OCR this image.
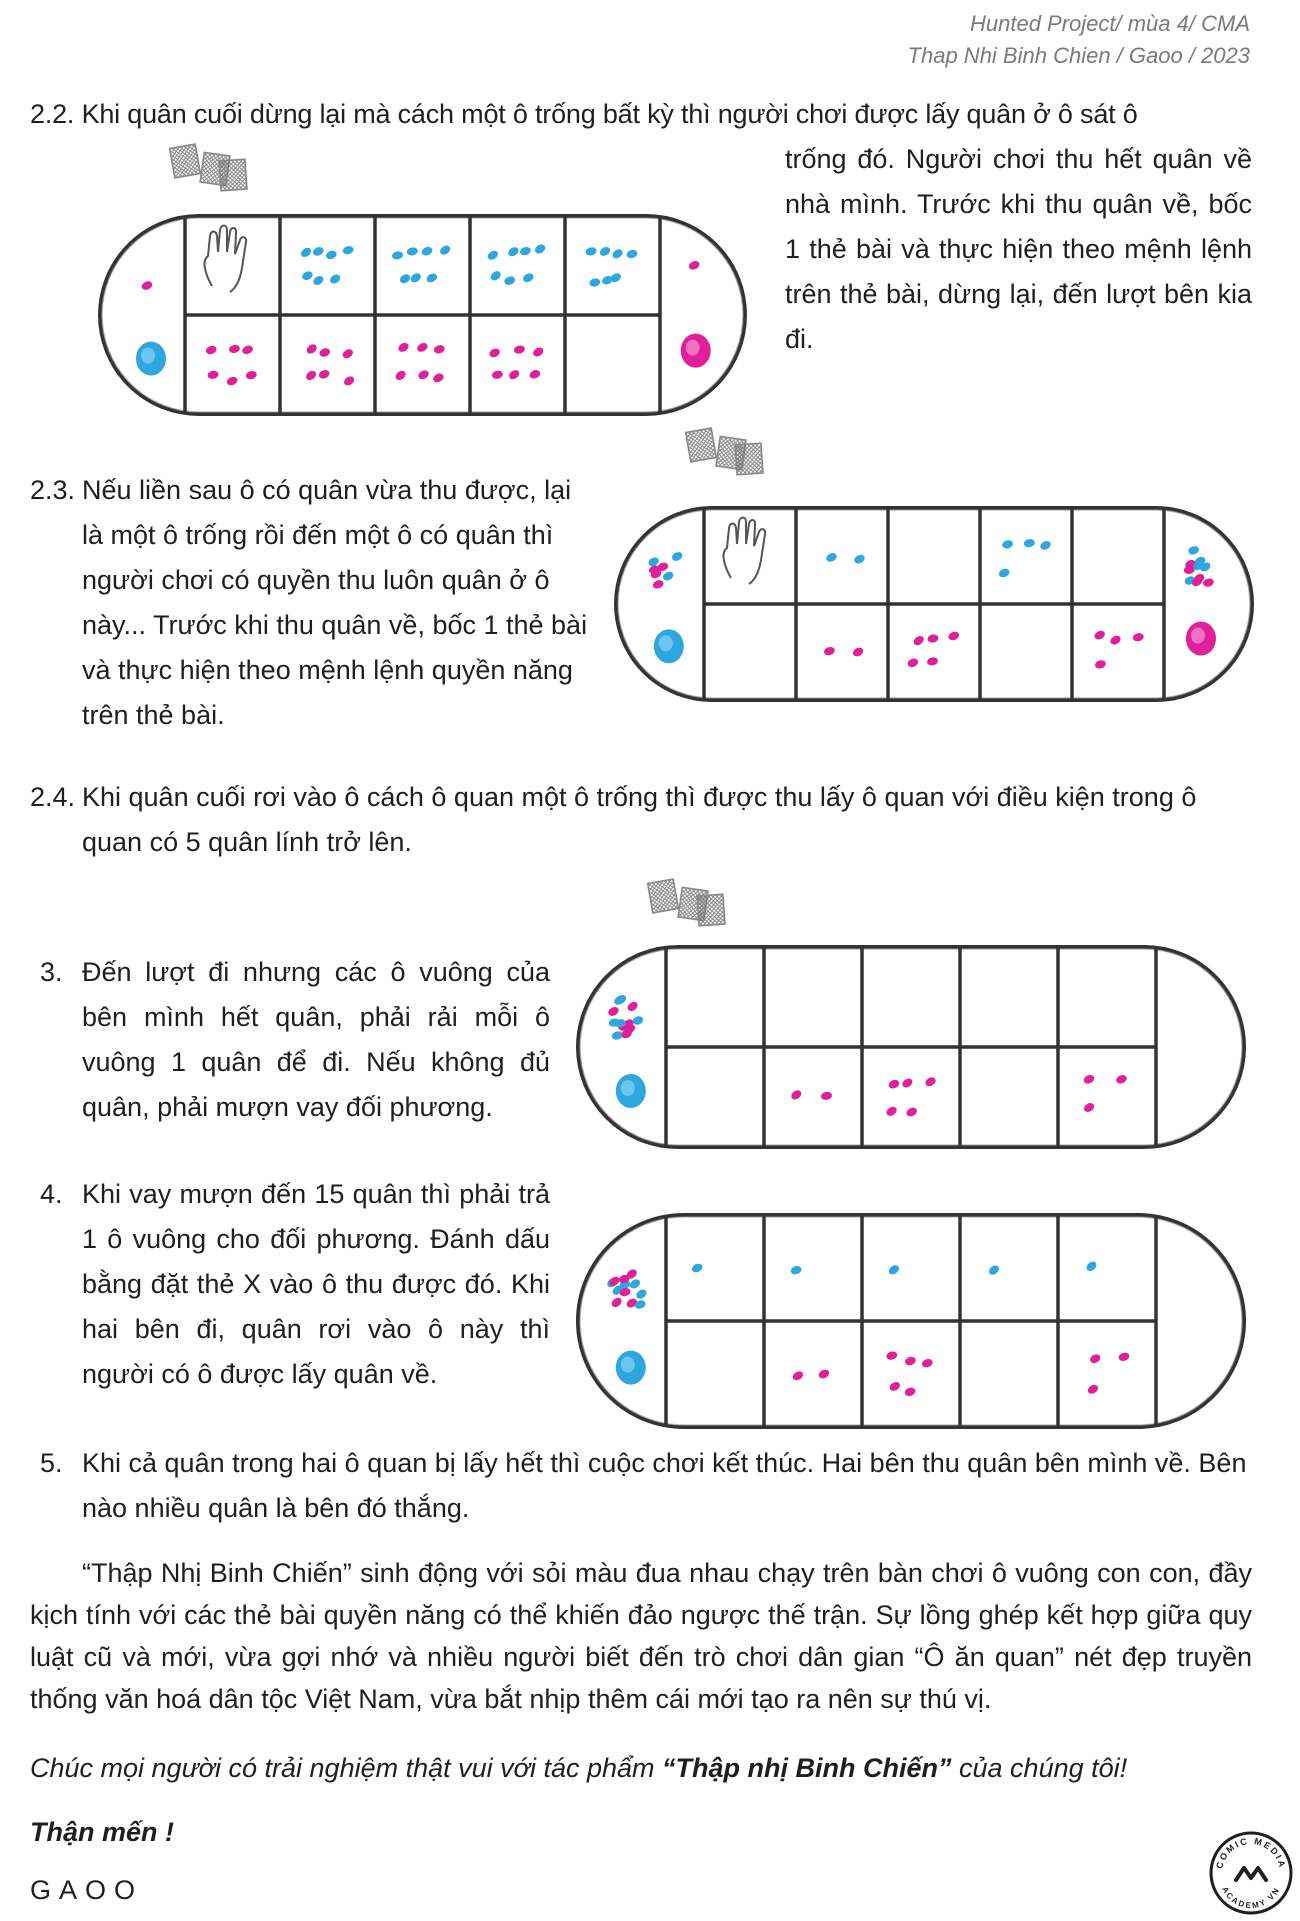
Hunted Project/ mùa 4/ CMA
Thap Nhi Binh Chien / Gaoo / 2023
2.2. Khi quân cuối dừng lại mà cách một ô trống bất kỳ thì người chơi được lấy quân ở ô sát ô
trống đó. Người chơi thu hết quân về nhà mình. Trước khi thu quân về, bốc 1 thẻ bài và thực hiện theo mệnh lệnh trên thẻ bài, dừng lại, đến lượt bên kia đi.
2.3. Nếu liền sau ô có quân vừa thu được, lại là một ô trống rồi đến một ô có quân thì người chơi có quyền thu luôn quân ở ô này... Trước khi thu quân về, bốc 1 thẻ bài và thực hiện theo mệnh lệnh quyền năng trên thẻ bài.
2.4. Khi quân cuối rơi vào ô cách ô quan một ô trống thì được thu lấy ô quan với điều kiện trong ô quan có 5 quân lính trở lên.
3. Đến lượt đi nhưng các ô vuông của bên mình hết quân, phải rải mỗi ô vuông 1 quân để đi. Nếu không đủ quân, phải mượn vay đối phương.
4. Khi vay mượn đến 15 quân thì phải trả 1 ô vuông cho đối phương. Đánh dấu bằng đặt thẻ X vào ô thu được đó. Khi hai bên đi, quân rơi vào ô này thì người có ô được lấy quân về.
5. Khi cả quân trong hai ô quan bị lấy hết thì cuộc chơi kết thúc. Hai bên thu quân bên mình về. Bên nào nhiều quân là bên đó thắng.
“Thập Nhị Binh Chiến” sinh động với sỏi màu đua nhau chạy trên bàn chơi ô vuông con con, đầy kịch tính với các thẻ bài quyền năng có thể khiến đảo ngược thế trận. Sự lồng ghép kết hợp giữa quy luật cũ và mới, vừa gợi nhớ và nhiều người biết đến trò chơi dân gian “Ô ăn quan” nét đẹp truyền thống văn hoá dân tộc Việt Nam, vừa bắt nhịp thêm cái mới tạo ra nên sự thú vị.
Chúc mọi người có trải nghiệm thật vui với tác phẩm “Thập nhị Binh Chiến” của chúng tôi!
Thận mến !
GAOO
COMIC MEDIA
ACADEMY VN
